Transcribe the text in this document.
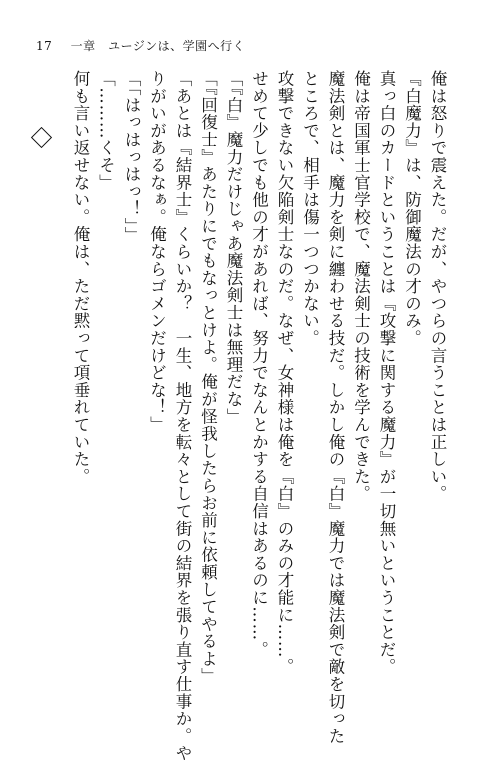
17 一章　ユージンは、学園へ行く
俺は怒りで震えた。だが、やつらの言うことは正しい。
『白魔力』は、防御魔法の才のみ。
真っ白のカードということは『攻撃に関する魔力』が一切無いということだ。
俺は帝国軍士官学校で、魔法剣士の技術を学んできた。
魔法剣とは、魔力を剣に纏わせる技だ。しかし俺の『白』魔力では魔法剣で敵を切った
ところで、相手は傷一つつかない。
攻撃できない欠陥剣士なのだ。なぜ、女神様は俺を『白』のみの才能に……。
せめて少しでも他の才があれば、努力でなんとかする自信はあるのに……。
「『白』魔力だけじゃあ魔法剣士は無理だな」
「『回復士』あたりにでもなっとけよ。俺が怪我したらお前に依頼してやるよ」
「あとは『結界士』くらいか？　一生、地方を転々として街の結界を張り直す仕事か。や
りがいがあるなぁ。俺ならゴメンだけどな！」
「「はっはっはっ！」」
「………くそ」
何も言い返せない。俺は、ただ黙って項垂れていた。
